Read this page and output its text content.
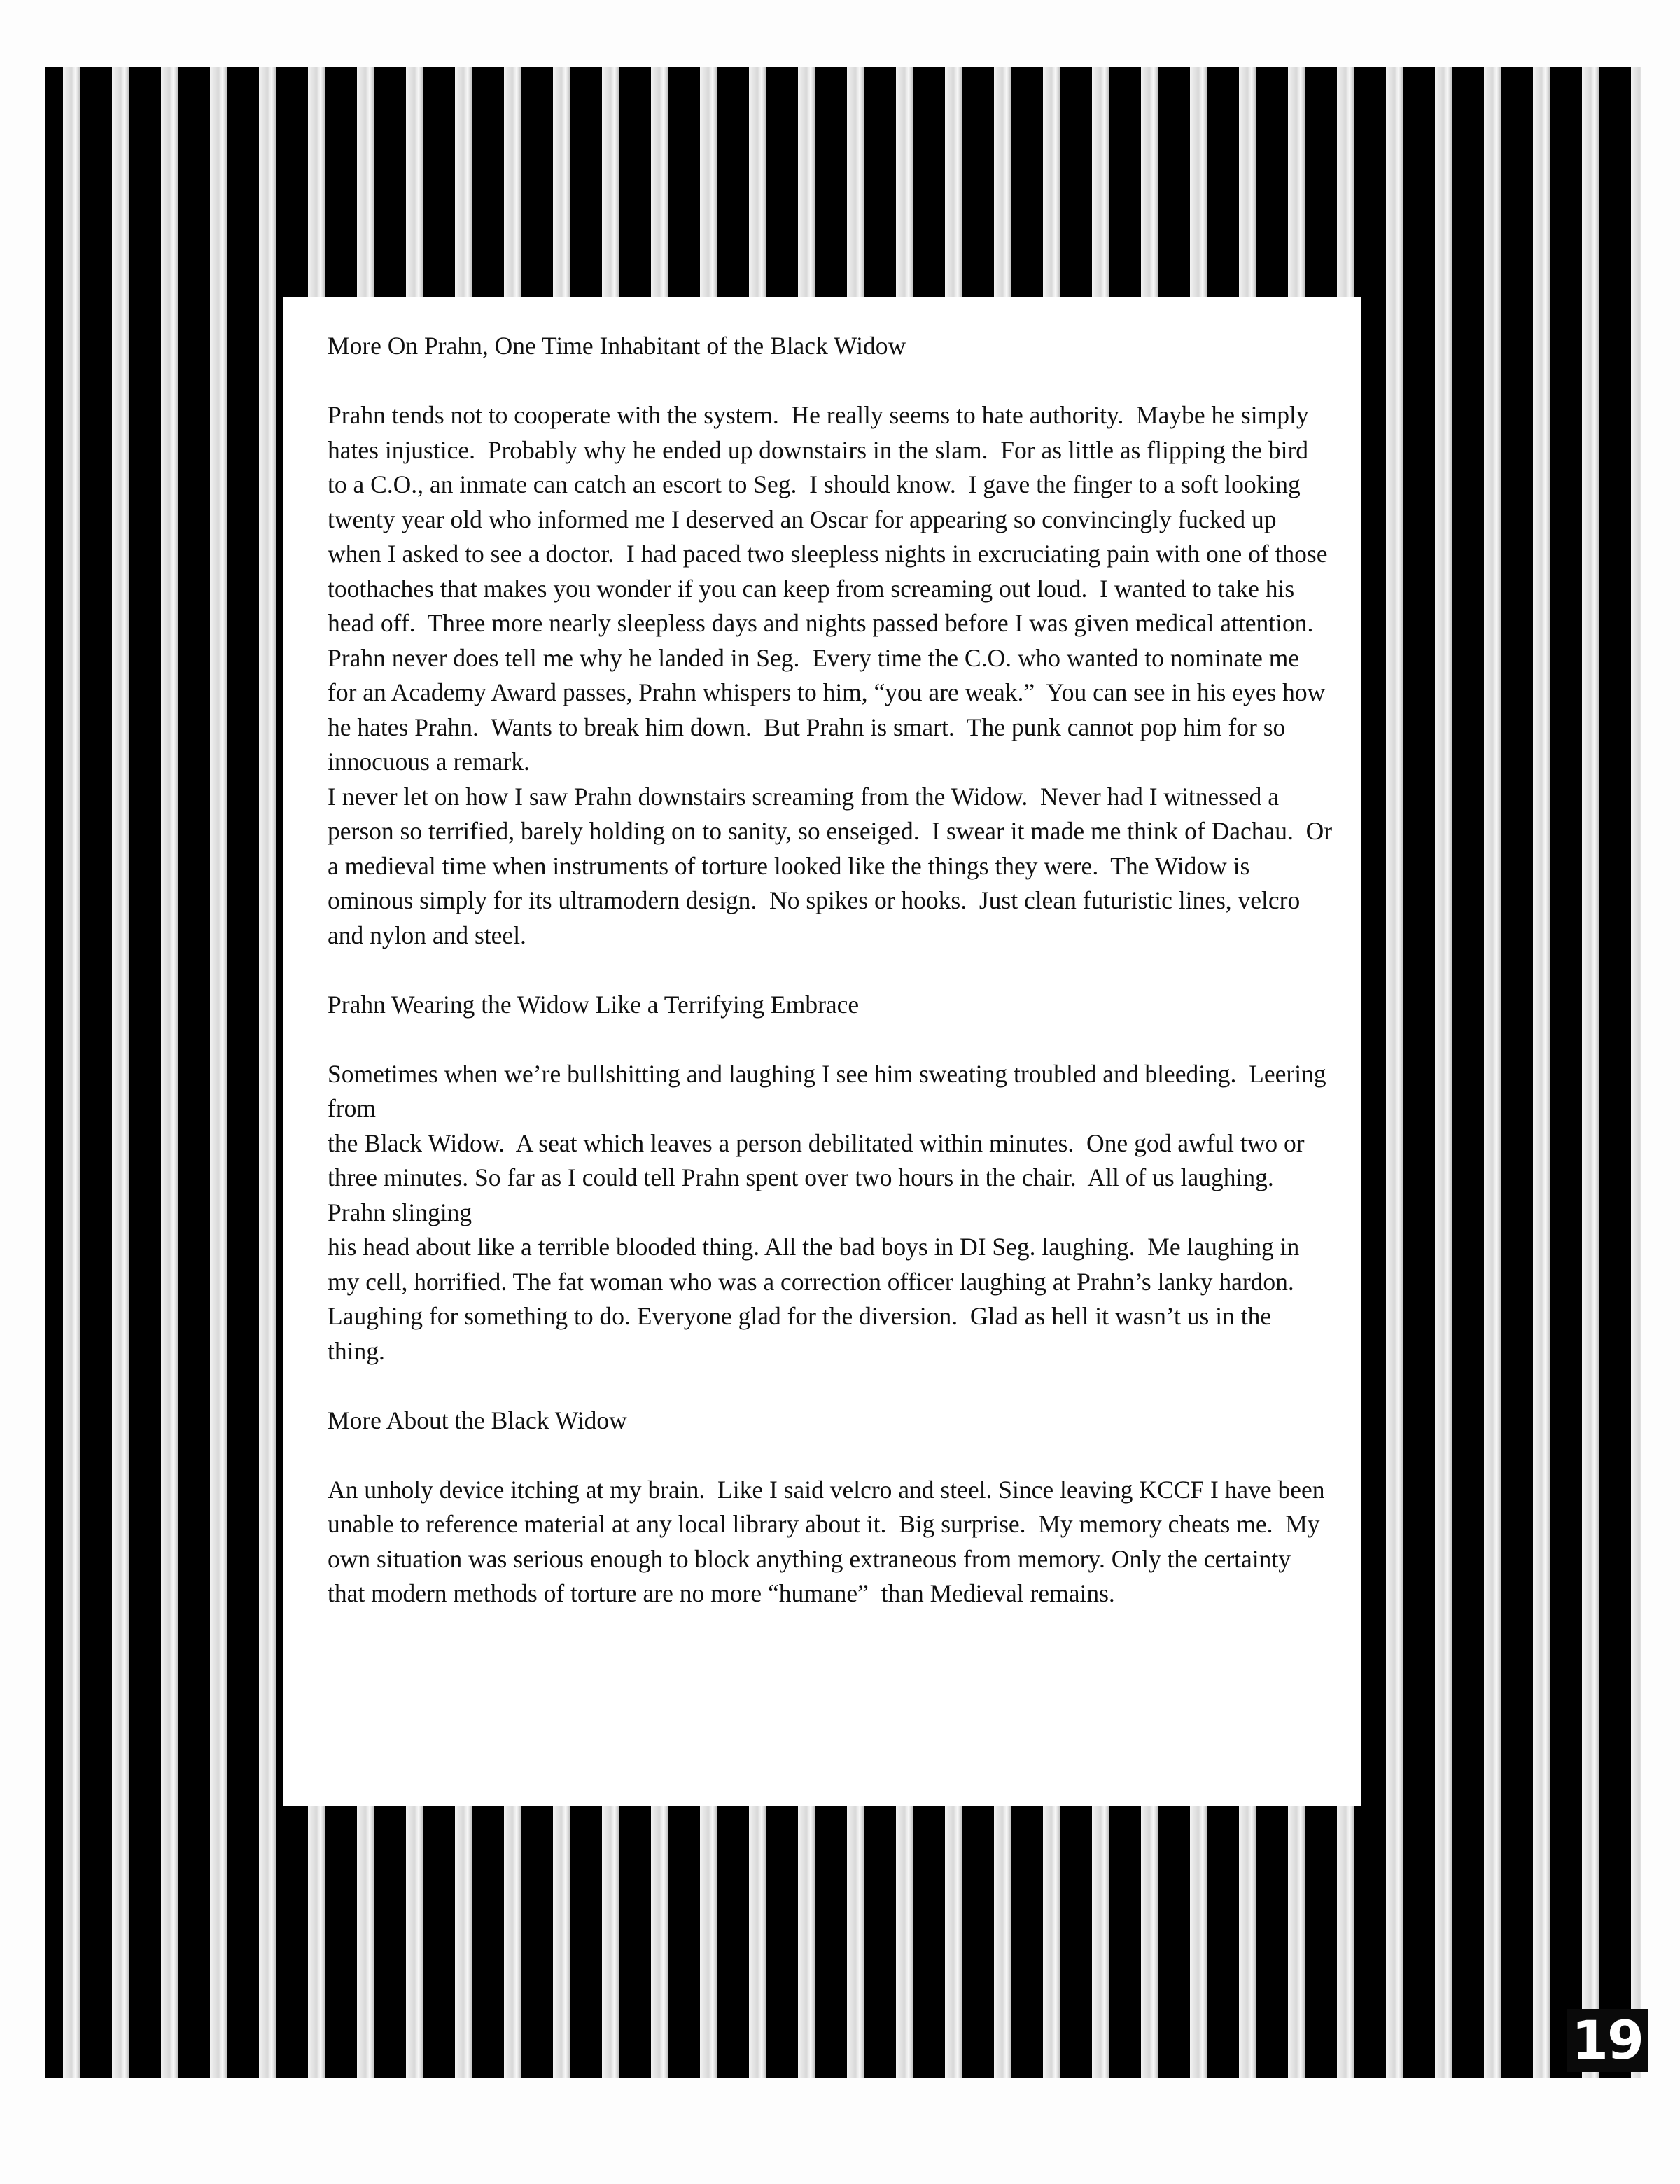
More On Prahn, One Time Inhabitant of the Black Widow

Prahn tends not to cooperate with the system.  He really seems to hate authority.  Maybe he simply hates injustice.  Probably why he ended up downstairs in the slam.  For as little as flipping the bird to a C.O., an inmate can catch an escort to Seg.  I should know.  I gave the finger to a soft looking twenty year old who informed me I deserved an Oscar for appearing so convincingly fucked up when I asked to see a doctor.  I had paced two sleepless nights in excruciating pain with one of those toothaches that makes you wonder if you can keep from screaming out loud.  I wanted to take his head off.  Three more nearly sleepless days and nights passed before I was given medical attention.

Prahn never does tell me why he landed in Seg.  Every time the C.O. who wanted to nominate me for an Academy Award passes, Prahn whispers to him, “you are weak.”  You can see in his eyes how he hates Prahn.  Wants to break him down.  But Prahn is smart.  The punk cannot pop him for so innocuous a remark.

I never let on how I saw Prahn downstairs screaming from the Widow.  Never had I witnessed a person so terrified, barely holding on to sanity, so enseiged.  I swear it made me think of Dachau.  Or a medieval time when instruments of torture looked like the things they were.  The Widow is ominous simply for its ultramodern design.  No spikes or hooks.  Just clean futuristic lines, velcro and nylon and steel.

Prahn Wearing the Widow Like a Terrifying Embrace

Sometimes when we’re bullshitting and laughing I see him sweating troubled and bleeding.  Leering from

the Black Widow.  A seat which leaves a person debilitated within minutes.  One god awful two or three minutes. So far as I could tell Prahn spent over two hours in the chair.  All of us laughing.  Prahn slinging

his head about like a terrible blooded thing. All the bad boys in DI Seg. laughing.  Me laughing in my cell, horrified. The fat woman who was a correction officer laughing at Prahn’s lanky hardon.  Laughing for something to do. Everyone glad for the diversion.  Glad as hell it wasn’t us in the thing.

More About the Black Widow

An unholy device itching at my brain.  Like I said velcro and steel. Since leaving KCCF I have been unable to reference material at any local library about it.  Big surprise.  My memory cheats me.  My own situation was serious enough to block anything extraneous from memory. Only the certainty that modern methods of torture are no more “humane”  than Medieval remains.

19
